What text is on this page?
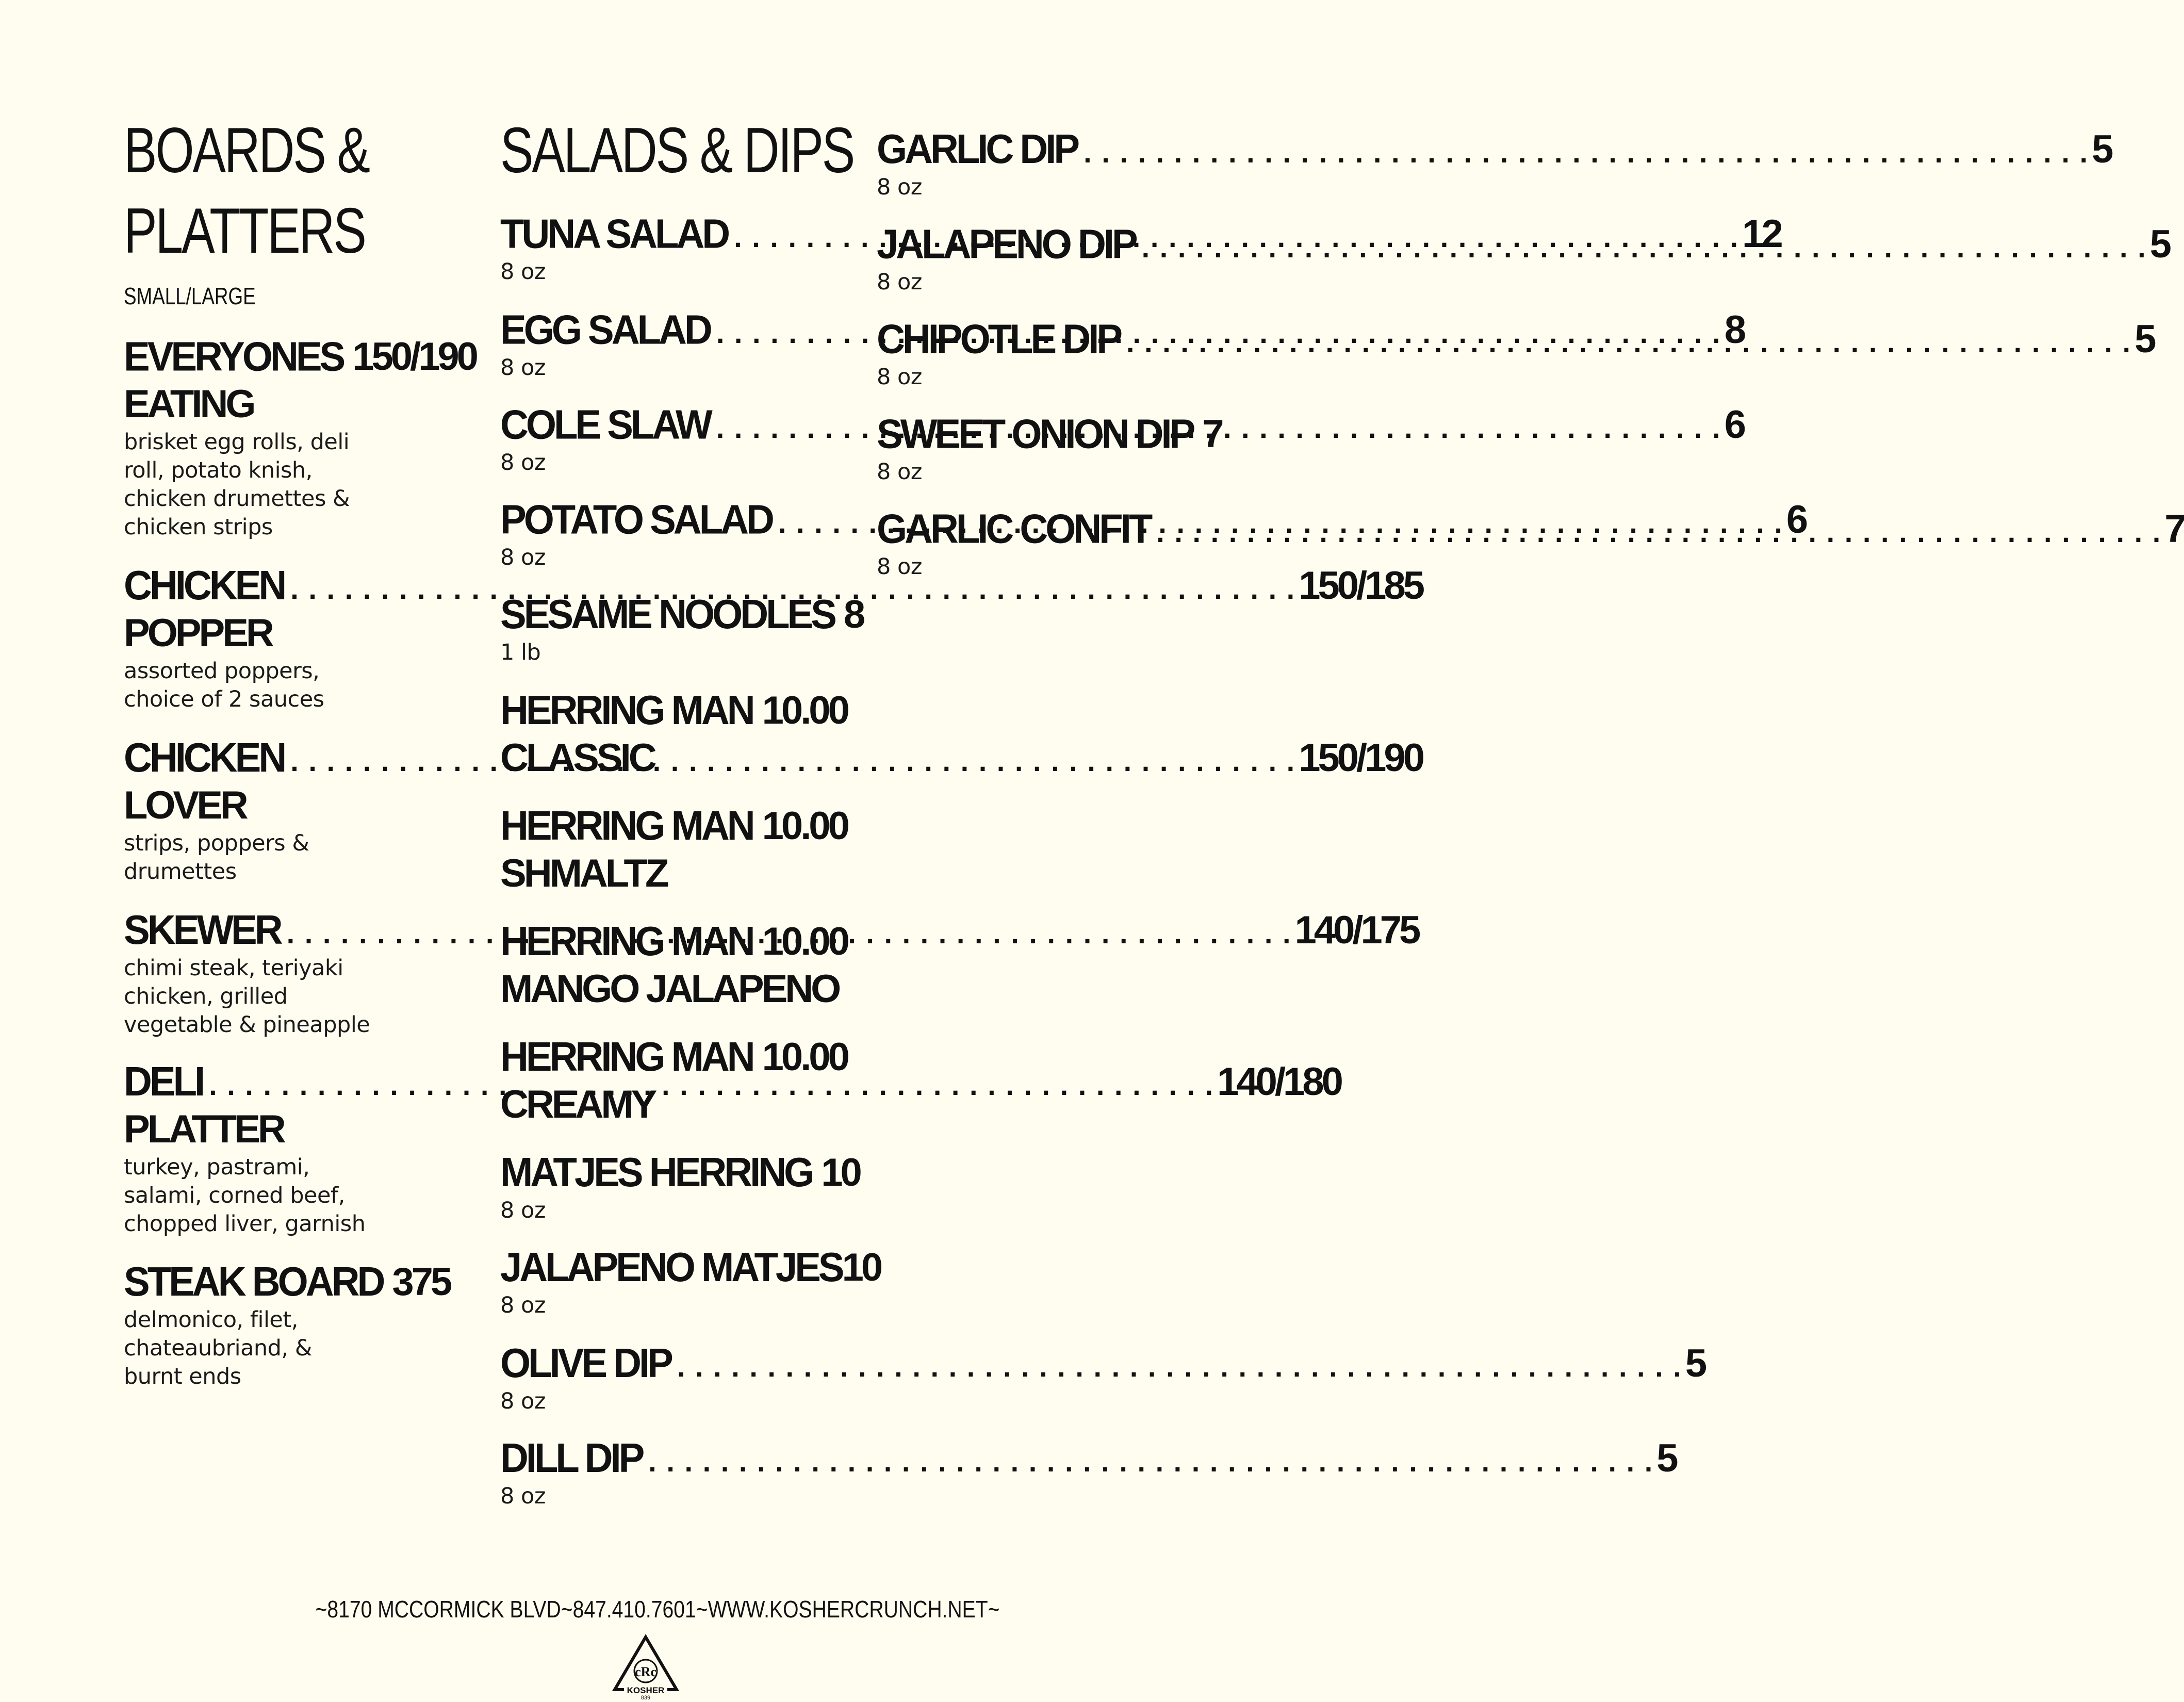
BOARDS &
PLATTERS
SMALL/LARGE
EVERYONES 150/190
EATING
brisket egg rolls, deli
roll, potato knish,
chicken drumettes &
chicken strips
CHICKEN . . .	150/185
POPPER
assorted poppers,
choice of 2 sauces
CHICKEN . . .	150/190
LOVER
strips, poppers &
drumettes
SKEWER . . .	140/175
chimi steak, teriyaki
chicken, grilled
vegetable & pineapple
DELI . . .	140/180
PLATTER
turkey, pastrami,
salami, corned beef,
chopped liver, garnish
STEAK BOARD 375
delmonico, filet,
chateaubriand, &
burnt ends
SALADS & DIPS
TUNA SALAD . . .	12
8 oz
EGG SALAD . . .	8
8 oz
COLE SLAW . . .	6
8 oz
POTATO SALAD . . .	6
8 oz
SESAME NOODLES 8
1 lb
HERRING MAN 10.00
CLASSIC
HERRING MAN 10.00
SHMALTZ
HERRING MAN 10.00
MANGO JALAPENO
HERRING MAN 10.00
CREAMY
MATJES HERRING 10
8 oz
JALAPENO MATJES 10
8 oz
OLIVE DIP . . .	5
8 oz
DILL DIP . . .	5
8 oz
GARLIC DIP . . .	5
8 oz
JALAPENO DIP . . .	5
8 oz
CHIPOTLE DIP . . .	5
8 oz
SWEET ONION DIP 7
8 oz
GARLIC CONFIT . . .	7
8 oz
~8170 MCCORMICK BLVD~847.410.7601~WWW.KOSHERCRUNCH.NET~
cRc
KOSHER
839
